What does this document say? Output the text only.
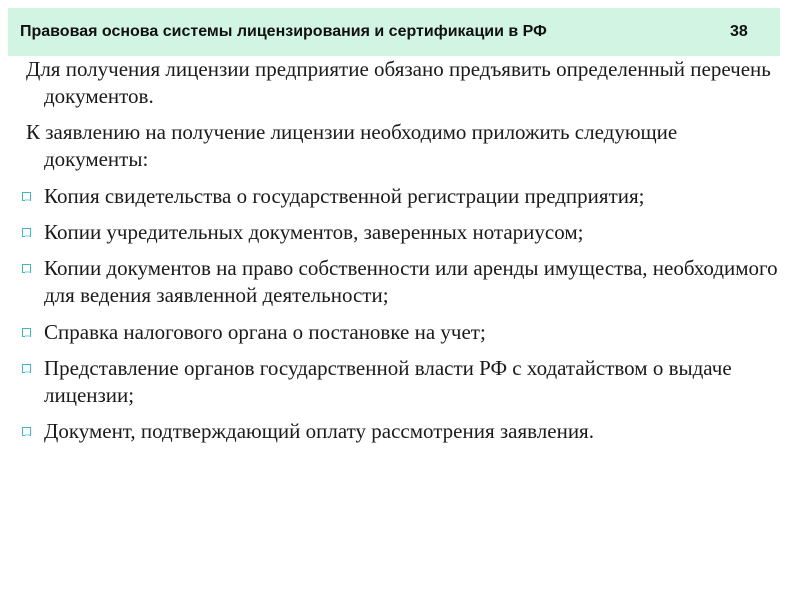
Правовая основа системы лицензирования и сертификации в РФ	38

Для получения лицензии предприятие обязано предъявить определенный перечень документов.

К заявлению на получение лицензии необходимо приложить следующие документы:

Копия свидетельства о государственной регистрации предприятия;
Копии учредительных документов, заверенных нотариусом;
Копии документов на право собственности или аренды имущества, необходимого для ведения заявленной деятельности;
Справка налогового органа о постановке на учет;
Представление органов государственной власти РФ с ходатайством о выдаче лицензии;
Документ, подтверждающий оплату рассмотрения заявления.
